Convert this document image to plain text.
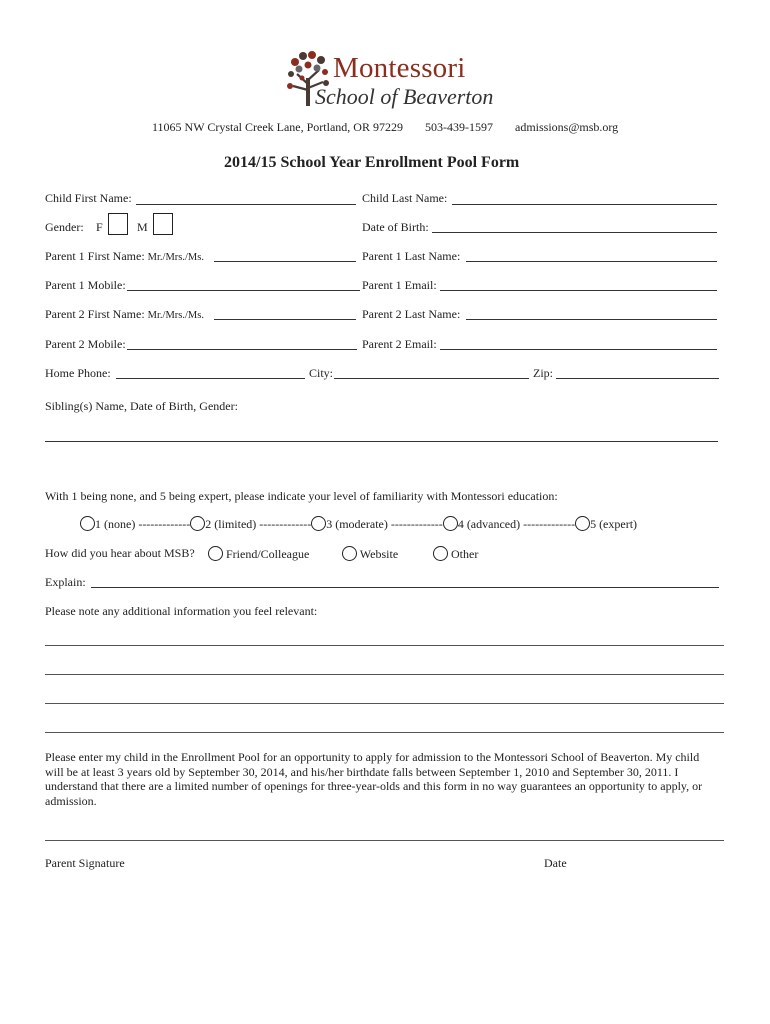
Montessori
School of Beaverton
11065 NW Crystal Creek Lane, Portland, OR 97229 503-439-1597 admissions@msb.org
2014/15 School Year Enrollment Pool Form
Child First Name:	Child Last Name:
Gender: F	M	Date of Birth:
Parent 1 First Name: Mr./Mrs./Ms.	Parent 1 Last Name:
Parent 1 Mobile:	Parent 1 Email:
Parent 2 First Name: Mr./Mrs./Ms.	Parent 2 Last Name:
Parent 2 Mobile:	Parent 2 Email:
Home Phone:	City:	Zip:
Sibling(s) Name, Date of Birth, Gender:
With 1 being none, and 5 being expert, please indicate your level of familiarity with Montessori education:
1 (none) ------------- 2 (limited) ------------- 3 (moderate) ------------- 4 (advanced) ------------- 5 (expert)
How did you hear about MSB?	Friend/Colleague	Website	Other
Explain:
Please note any additional information you feel relevant:
Please enter my child in the Enrollment Pool for an opportunity to apply for admission to the Montessori School of Beaverton. My child will be at least 3 years old by September 30, 2014, and his/her birthdate falls between September 1, 2010 and September 30, 2011. I understand that there are a limited number of openings for three-year-olds and this form in no way guarantees an opportunity to apply, or admission.
Parent Signature	Date
